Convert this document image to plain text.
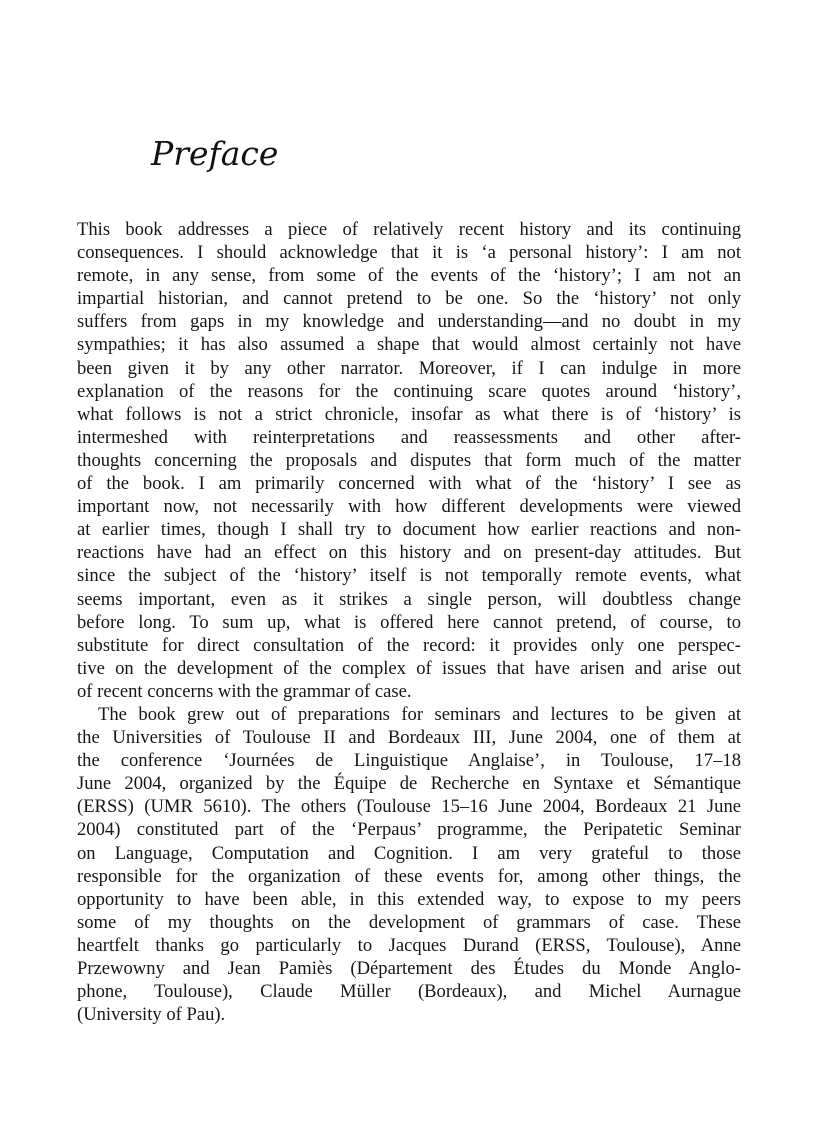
Preface
This book addresses a piece of relatively recent history and its continuing
consequences. I should acknowledge that it is ‘a personal history’: I am not
remote, in any sense, from some of the events of the ‘history’; I am not an
impartial historian, and cannot pretend to be one. So the ‘history’ not only
suffers from gaps in my knowledge and understanding—and no doubt in my
sympathies; it has also assumed a shape that would almost certainly not have
been given it by any other narrator. Moreover, if I can indulge in more
explanation of the reasons for the continuing scare quotes around ‘history’,
what follows is not a strict chronicle, insofar as what there is of ‘history’ is
intermeshed with reinterpretations and reassessments and other after-
thoughts concerning the proposals and disputes that form much of the matter
of the book. I am primarily concerned with what of the ‘history’ I see as
important now, not necessarily with how different developments were viewed
at earlier times, though I shall try to document how earlier reactions and non-
reactions have had an effect on this history and on present-day attitudes. But
since the subject of the ‘history’ itself is not temporally remote events, what
seems important, even as it strikes a single person, will doubtless change
before long. To sum up, what is offered here cannot pretend, of course, to
substitute for direct consultation of the record: it provides only one perspec-
tive on the development of the complex of issues that have arisen and arise out
of recent concerns with the grammar of case.
The book grew out of preparations for seminars and lectures to be given at
the Universities of Toulouse II and Bordeaux III, June 2004, one of them at
the conference ‘Journées de Linguistique Anglaise’, in Toulouse, 17–18
June 2004, organized by the Équipe de Recherche en Syntaxe et Sémantique
(ERSS) (UMR 5610). The others (Toulouse 15–16 June 2004, Bordeaux 21 June
2004) constituted part of the ‘Perpaus’ programme, the Peripatetic Seminar
on Language, Computation and Cognition. I am very grateful to those
responsible for the organization of these events for, among other things, the
opportunity to have been able, in this extended way, to expose to my peers
some of my thoughts on the development of grammars of case. These
heartfelt thanks go particularly to Jacques Durand (ERSS, Toulouse), Anne
Przewowny and Jean Pamiès (Département des Études du Monde Anglo-
phone, Toulouse), Claude Müller (Bordeaux), and Michel Aurnague
(University of Pau).
